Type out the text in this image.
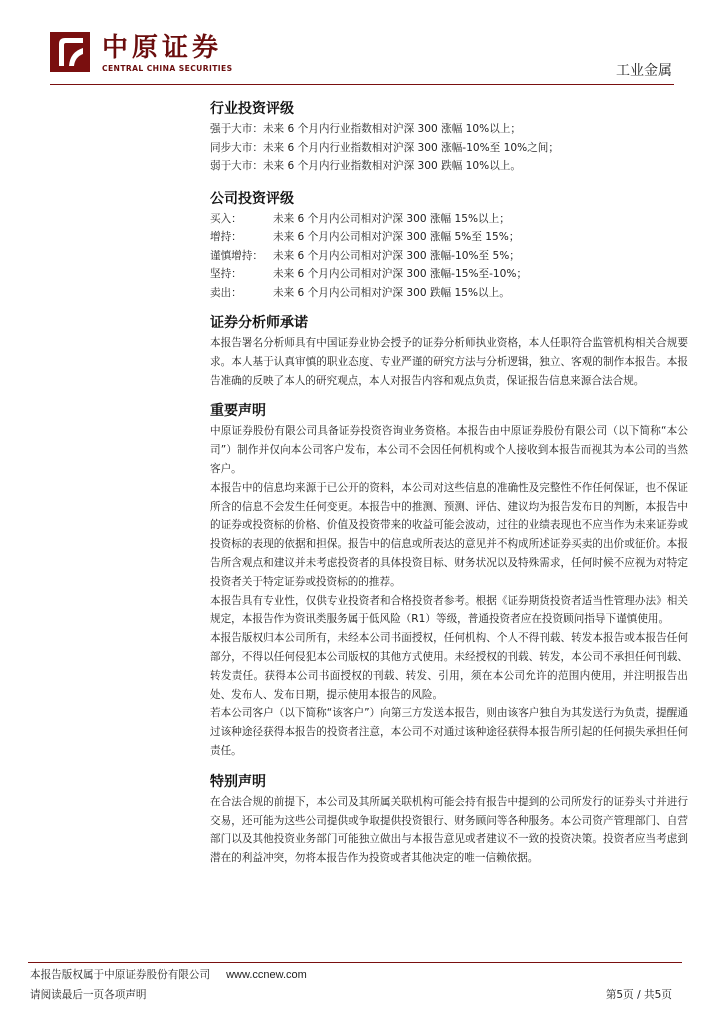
中原证券
CENTRAL CHINA SECURITIES	工业金属
行业投资评级
强于大市：未来 6 个月内行业指数相对沪深 300 涨幅 10%以上；
同步大市：未来 6 个月内行业指数相对沪深 300 涨幅-10%至 10%之间；
弱于大市：未来 6 个月内行业指数相对沪深 300 跌幅 10%以上。
公司投资评级
买入：	未来 6 个月内公司相对沪深 300 涨幅 15%以上；
增持：	未来 6 个月内公司相对沪深 300 涨幅 5%至 15%；
谨慎增持： 未来 6 个月内公司相对沪深 300 涨幅-10%至 5%；
坚持：	未来 6 个月内公司相对沪深 300 涨幅-15%至-10%；
卖出：	未来 6 个月内公司相对沪深 300 跌幅 15%以上。
证券分析师承诺

本报告署名分析师具有中国证券业协会授予的证券分析师执业资格，本人任职符合监管机构相关合规要求。本人基于认真审慎的职业态度、专业严谨的研究方法与分析逻辑，独立、客观的制作本报告。本报告准确的反映了本人的研究观点，本人对报告内容和观点负责，保证报告信息来源合法合规。

重要声明

中原证券股份有限公司具备证券投资咨询业务资格。本报告由中原证券股份有限公司（以下简称“本公司”）制作并仅向本公司客户发布，本公司不会因任何机构或个人接收到本报告而视其为本公司的当然客户。

本报告中的信息均来源于已公开的资料，本公司对这些信息的准确性及完整性不作任何保证，也不保证所含的信息不会发生任何变更。本报告中的推测、预测、评估、建议均为报告发布日的判断，本报告中的证券或投资标的价格、价值及投资带来的收益可能会波动，过往的业绩表现也不应当作为未来证券或投资标的表现的依据和担保。报告中的信息或所表达的意见并不构成所述证券买卖的出价或征价。本报告所含观点和建议并未考虑投资者的具体投资目标、财务状况以及特殊需求，任何时候不应视为对特定投资者关于特定证券或投资标的的推荐。

本报告具有专业性，仅供专业投资者和合格投资者参考。根据《证券期货投资者适当性管理办法》相关规定，本报告作为资讯类服务属于低风险（R1）等级，普通投资者应在投资顾问指导下谨慎使用。

本报告版权归本公司所有，未经本公司书面授权，任何机构、个人不得刊载、转发本报告或本报告任何部分，不得以任何侵犯本公司版权的其他方式使用。未经授权的刊载、转发，本公司不承担任何刊载、转发责任。获得本公司书面授权的刊载、转发、引用，须在本公司允许的范围内使用，并注明报告出处、发布人、发布日期，提示使用本报告的风险。

若本公司客户（以下简称“该客户”）向第三方发送本报告，则由该客户独自为其发送行为负责，提醒通过该种途径获得本报告的投资者注意，本公司不对通过该种途径获得本报告所引起的任何损失承担任何责任。

特别声明

在合法合规的前提下，本公司及其所属关联机构可能会持有报告中提到的公司所发行的证券头寸并进行交易，还可能为这些公司提供或争取提供投资银行、财务顾问等各种服务。本公司资产管理部门、自营部门以及其他投资业务部门可能独立做出与本报告意见或者建议不一致的投资决策。投资者应当考虑到潜在的利益冲突，勿将本报告作为投资或者其他决定的唯一信赖依据。

本报告版权属于中原证券股份有限公司 www.ccnew.com
请阅读最后一页各项声明	第5页 / 共5页
